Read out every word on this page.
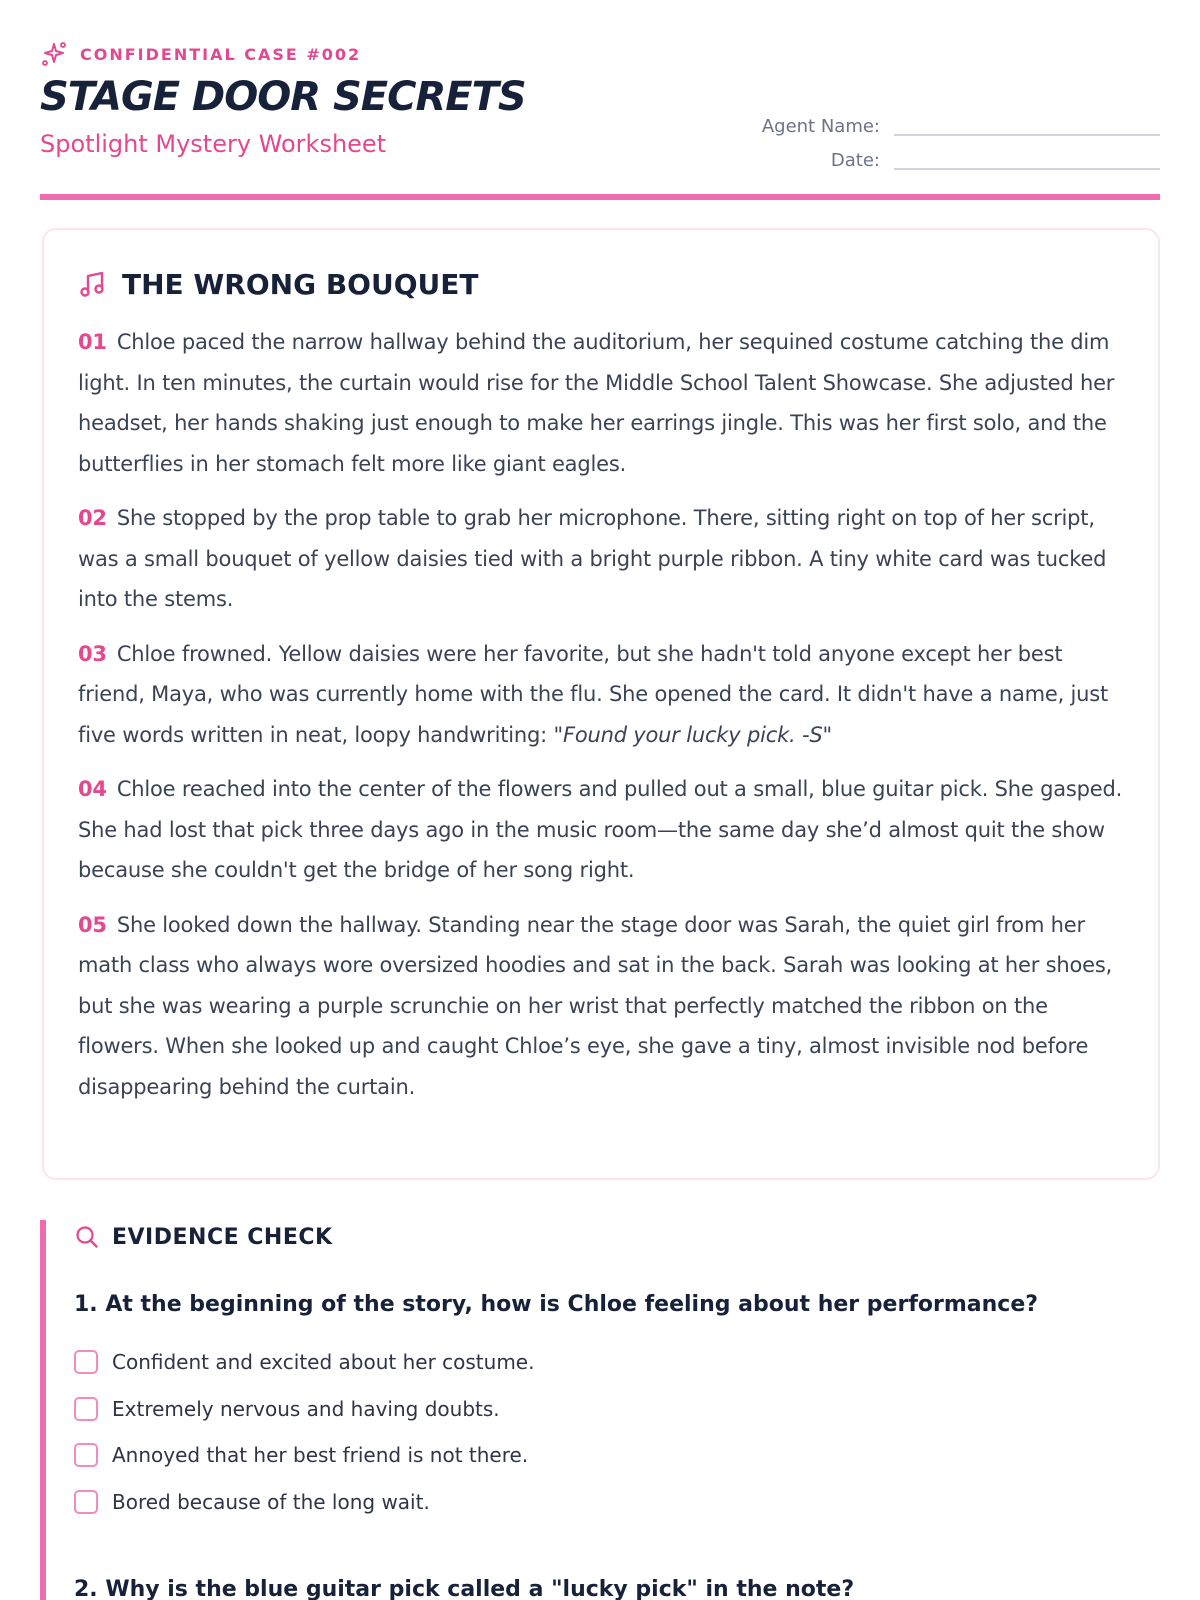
CONFIDENTIAL CASE #002
STAGE DOOR SECRETS
Spotlight Mystery Worksheet
Agent Name:
Date:
THE WRONG BOUQUET

01 Chloe paced the narrow hallway behind the auditorium, her sequined costume catching the dim light. In ten minutes, the curtain would rise for the Middle School Talent Showcase. She adjusted her headset, her hands shaking just enough to make her earrings jingle. This was her first solo, and the butterflies in her stomach felt more like giant eagles.

02 She stopped by the prop table to grab her microphone. There, sitting right on top of her script, was a small bouquet of yellow daisies tied with a bright purple ribbon. A tiny white card was tucked into the stems.

03 Chloe frowned. Yellow daisies were her favorite, but she hadn't told anyone except her best friend, Maya, who was currently home with the flu. She opened the card. It didn't have a name, just five words written in neat, loopy handwriting: "Found your lucky pick. -S"

04 Chloe reached into the center of the flowers and pulled out a small, blue guitar pick. She gasped. She had lost that pick three days ago in the music room—the same day she’d almost quit the show because she couldn't get the bridge of her song right.

05 She looked down the hallway. Standing near the stage door was Sarah, the quiet girl from her math class who always wore oversized hoodies and sat in the back. Sarah was looking at her shoes, but she was wearing a purple scrunchie on her wrist that perfectly matched the ribbon on the flowers. When she looked up and caught Chloe’s eye, she gave a tiny, almost invisible nod before disappearing behind the curtain.

EVIDENCE CHECK
1. At the beginning of the story, how is Chloe feeling about her performance?
Confident and excited about her costume.
Extremely nervous and having doubts.
Annoyed that her best friend is not there.
Bored because of the long wait.
2. Why is the blue guitar pick called a "lucky pick" in the note?
